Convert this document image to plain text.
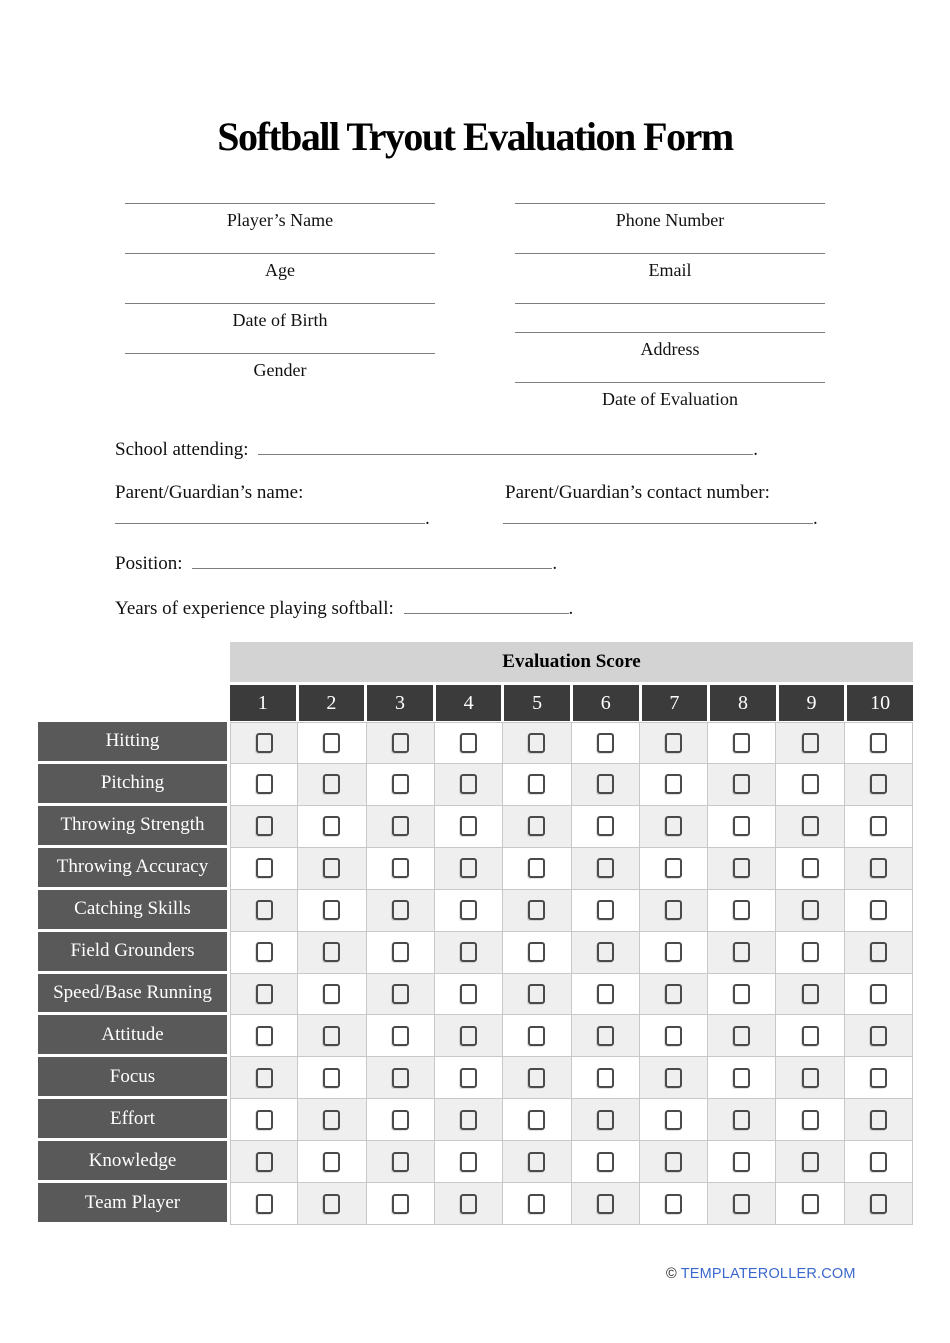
Softball Tryout Evaluation Form
Player’s Name
Age
Date of Birth
Gender
Phone Number
Email
Address
Date of Evaluation
School attending:	.
Parent/Guardian’s name:	Parent/Guardian’s contact number:
.	.
Position:	.
Years of experience playing softball:	.
Evaluation Score
1	2	3	4	5	6	7	8	9	10
Hitting
Pitching
Throwing Strength
Throwing Accuracy
Catching Skills
Field Grounders
Speed/Base Running
Attitude
Focus
Effort
Knowledge
Team Player
© TEMPLATEROLLER.COM
